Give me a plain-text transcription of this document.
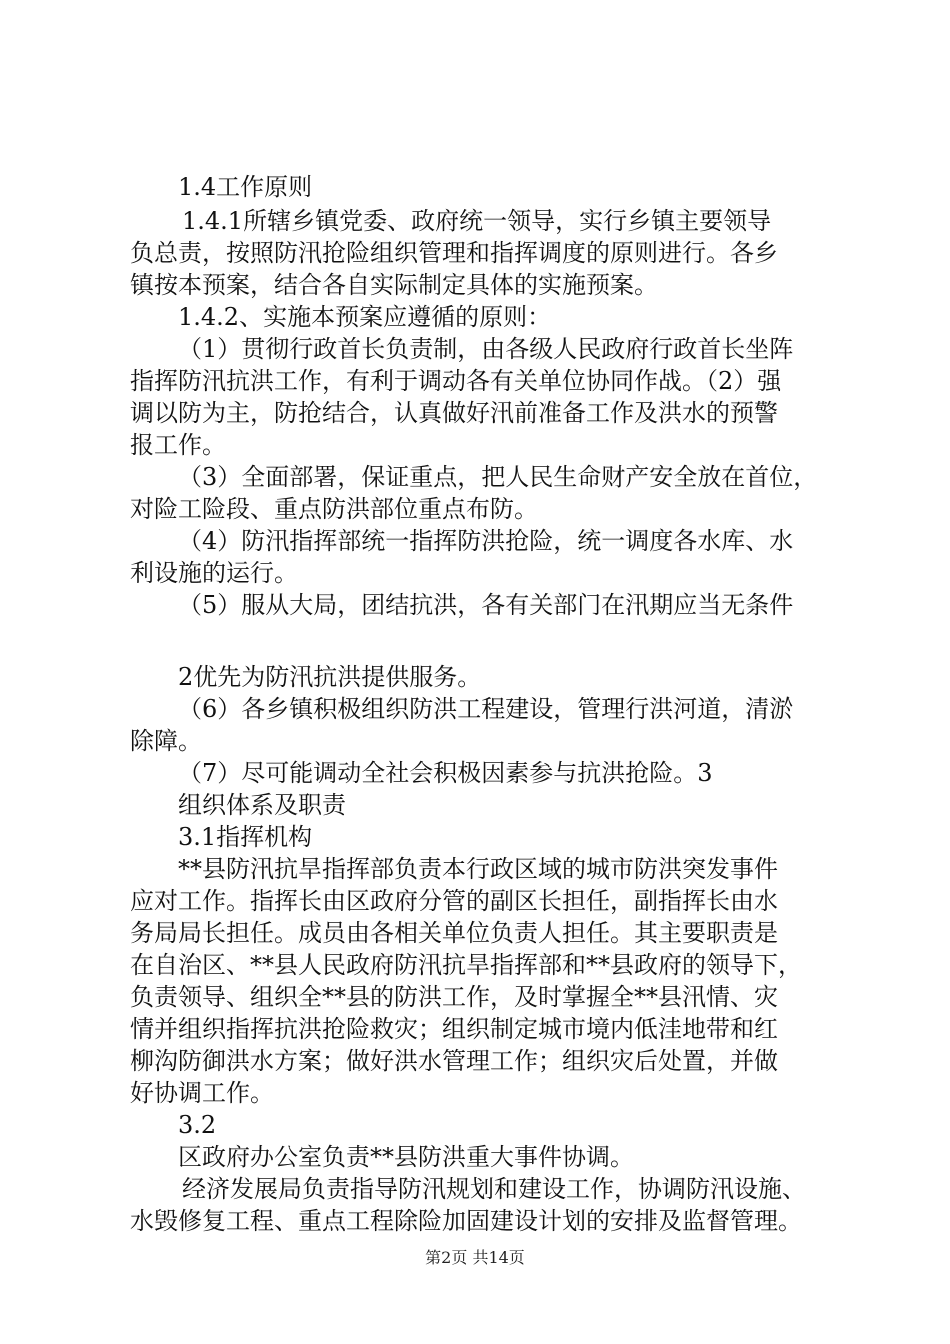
1.4工作原则

1.4.1所辖乡镇党委、政府统一领导，实行乡镇主要领导

负总责，按照防汛抢险组织管理和指挥调度的原则进行。各乡

镇按本预案，结合各自实际制定具体的实施预案。

1.4.2、实施本预案应遵循的原则：

（1）贯彻行政首长负责制，由各级人民政府行政首长坐阵

指挥防汛抗洪工作，有利于调动各有关单位协同作战。（2）强

调以防为主，防抢结合，认真做好汛前准备工作及洪水的预警

报工作。

（3）全面部署，保证重点，把人民生命财产安全放在首位，

对险工险段、重点防洪部位重点布防。

（4）防汛指挥部统一指挥防洪抢险，统一调度各水库、水

利设施的运行。

（5）服从大局，团结抗洪，各有关部门在汛期应当无条件

2优先为防汛抗洪提供服务。

（6）各乡镇积极组织防洪工程建设，管理行洪河道，清淤

除障。

（7）尽可能调动全社会积极因素参与抗洪抢险。3

组织体系及职责

3.1指挥机构

**县防汛抗旱指挥部负责本行政区域的城市防洪突发事件

应对工作。指挥长由区政府分管的副区长担任，副指挥长由水

务局局长担任。成员由各相关单位负责人担任。其主要职责是

在自治区、**县人民政府防汛抗旱指挥部和**县政府的领导下，

负责领导、组织全**县的防洪工作，及时掌握全**县汛情、灾

情并组织指挥抗洪抢险救灾；组织制定城市境内低洼地带和红

柳沟防御洪水方案；做好洪水管理工作；组织灾后处置，并做

好协调工作。

3.2

区政府办公室负责**县防洪重大事件协调。

经济发展局负责指导防汛规划和建设工作，协调防汛设施、

水毁修复工程、重点工程除险加固建设计划的安排及监督管理。

第2页 共14页
